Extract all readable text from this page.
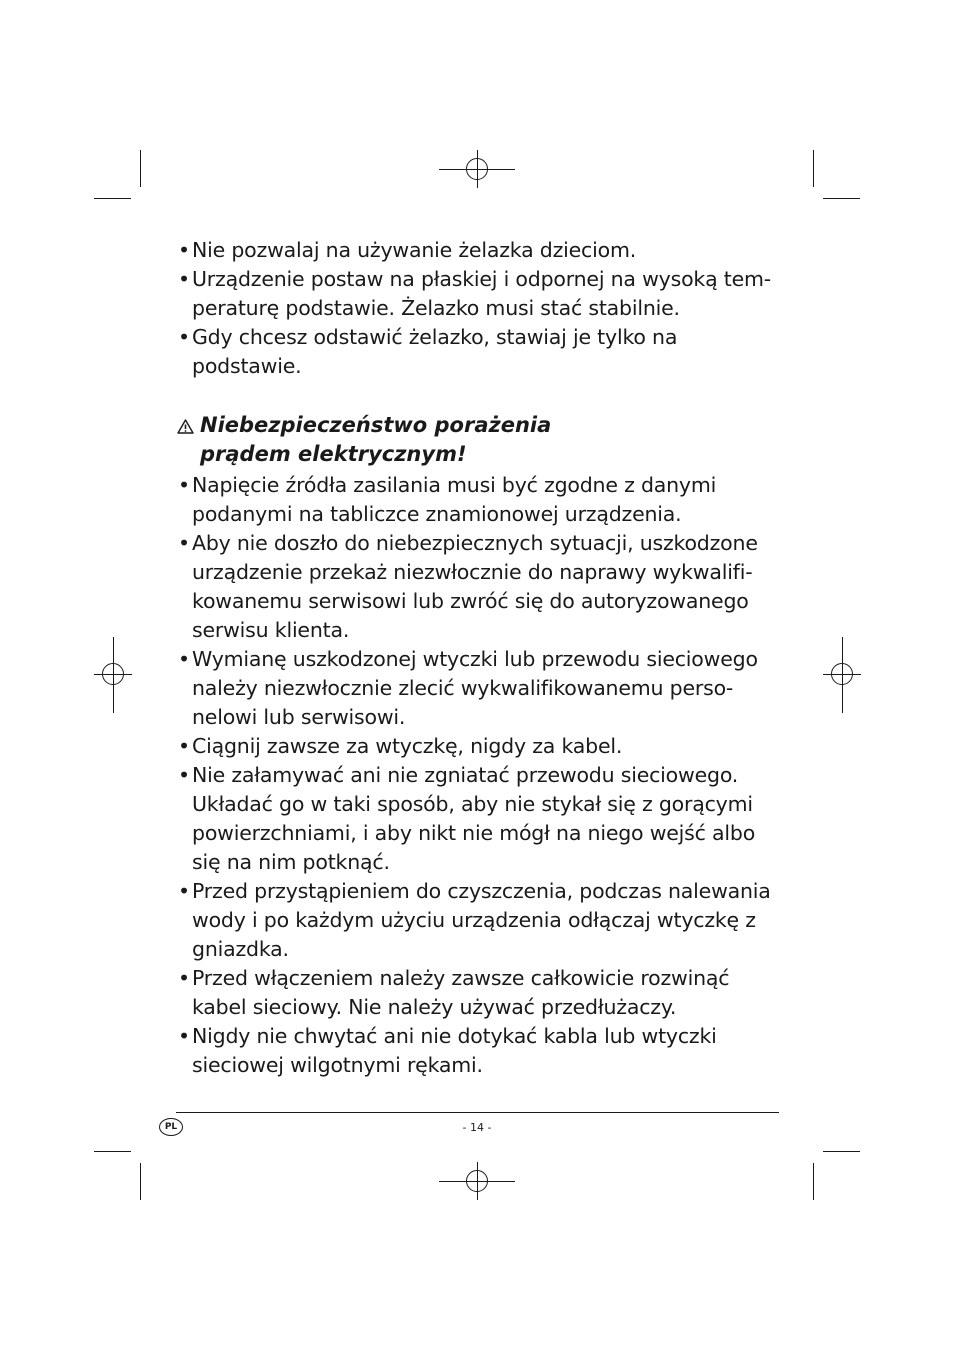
• Nie pozwalaj na używanie żelazka dzieciom.
• Urządzenie postaw na płaskiej i odpornej na wysoką temperaturę podstawie. Żelazko musi stać stabilnie.
• Gdy chcesz odstawić żelazko, stawiaj je tylko na podstawie.
Niebezpieczeństwo porażenia prądem elektrycznym!
• Napięcie źródła zasilania musi być zgodne z danymi podanymi na tabliczce znamionowej urządzenia.
• Aby nie doszło do niebezpiecznych sytuacji, uszkodzone urządzenie przekaż niezwłocznie do naprawy wykwalifikowanemu serwisowi lub zwróć się do autoryzowanego serwisu klienta.
• Wymianę uszkodzonej wtyczki lub przewodu sieciowego należy niezwłocznie zlecić wykwalifikowanemu personelowi lub serwisowi.
• Ciągnij zawsze za wtyczkę, nigdy za kabel.
• Nie załamywać ani nie zgniatać przewodu sieciowego. Układać go w taki sposób, aby nie stykał się z gorącymi powierzchniami, i aby nikt nie mógł na niego wejść albo się na nim potknąć.
• Przed przystąpieniem do czyszczenia, podczas nalewania wody i po każdym użyciu urządzenia odłączaj wtyczkę z gniazdka.
• Przed włączeniem należy zawsze całkowicie rozwinąć kabel sieciowy. Nie należy używać przedłużaczy.
• Nigdy nie chwytać ani nie dotykać kabla lub wtyczki sieciowej wilgotnymi rękami.
PL	- 14 -
